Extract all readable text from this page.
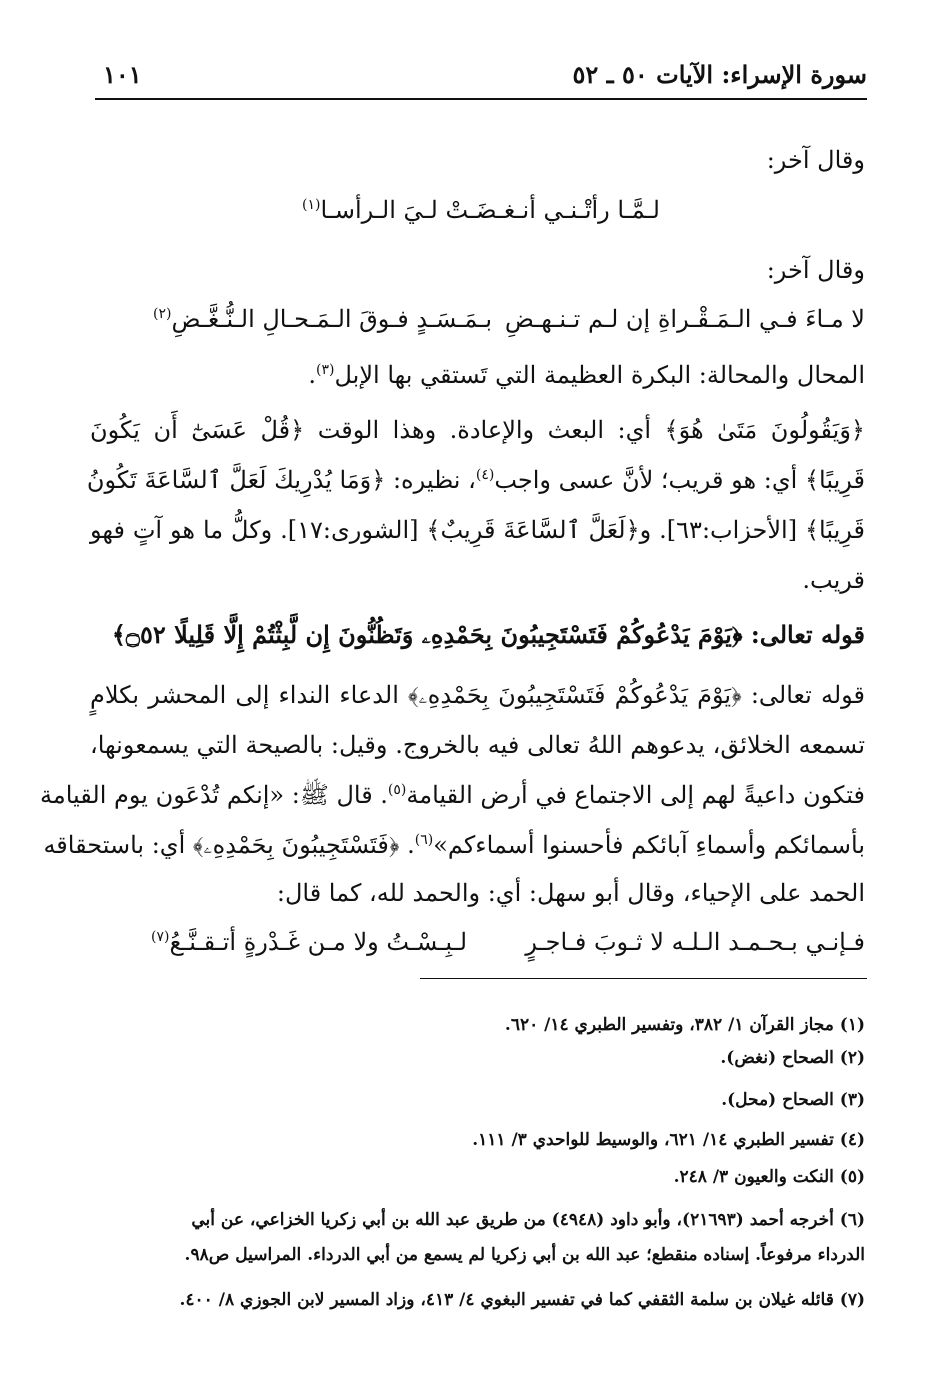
سورة الإسراء: الآيات ٥٠ ـ ٥٢
١٠١
وقال آخر:
لـمَّـا رأتْـنـي أنـغـضَـتْ لـيَ الـرأسـا$^{(١)}$
وقال آخر:
لا مـاءَ فـي الـمَـقْـراةِ إن لـم تـنـهـضِ
بـمَـسَـدٍ فـوقَ الـمَـحـالِ الـنُّـغَّـضِ$^{(٢)}$
المحال والمحالة: البكرة العظيمة التي تَستقي بها الإبل$^{(٣)}$.
﴿وَيَقُولُونَ مَتَىٰ هُوَ﴾ أي: البعث والإعادة. وهذا الوقت ﴿قُلْ عَسَىٰٓ أَن يَكُونَ
قَرِيبًا﴾ أي: هو قريب؛ لأنَّ عسى واجب$^{(٤)}$، نظيره: ﴿وَمَا يُدْرِيكَ لَعَلَّ ٱلسَّاعَةَ تَكُونُ
قَرِيبًا﴾ [الأحزاب:٦٣]. و﴿لَعَلَّ ٱلسَّاعَةَ قَرِيبٌ﴾ [الشورى:١٧]. وكلُّ ما هو آتٍ فهو
قريب.
قوله تعالى: ﴿يَوْمَ يَدْعُوكُمْ فَتَسْتَجِيبُونَ بِحَمْدِهِۦ وَتَظُنُّونَ إِن لَّبِثْتُمْ إِلَّا قَلِيلًا ۝٥٢﴾
قوله تعالى: ﴿يَوْمَ يَدْعُوكُمْ فَتَسْتَجِيبُونَ بِحَمْدِهِۦ﴾ الدعاء النداء إلى المحشر بكلامٍ
تسمعه الخلائق، يدعوهم اللهُ تعالى فيه بالخروج. وقيل: بالصيحة التي يسمعونها،
فتكون داعيةً لهم إلى الاجتماع في أرض القيامة$^{(٥)}$. قال ﷺ: «إنكم تُدْعَون يوم القيامة
بأسمائكم وأسماءِ آبائكم فأحسنوا أسماءكم»$^{(٦)}$. ﴿فَتَسْتَجِيبُونَ بِحَمْدِهِۦ﴾ أي: باستحقاقه
الحمد على الإحياء، وقال أبو سهل: أي: والحمد لله، كما قال:
فـإنـي بـحـمـد الـلـه لا ثـوبَ فـاجـرٍ
لـبِـسْـتُ ولا مـن غَـدْرةٍ أتـقـنَّـعُ$^{(٧)}$
(١) مجاز القرآن ١/ ٣٨٢، وتفسير الطبري ١٤/ ٦٢٠.
(٢) الصحاح (نغض).
(٣) الصحاح (محل).
(٤) تفسير الطبري ١٤/ ٦٢١، والوسيط للواحدي ٣/ ١١١.
(٥) النكت والعيون ٣/ ٢٤٨.
(٦) أخرجه أحمد (٢١٦٩٣)، وأبو داود (٤٩٤٨) من طريق عبد الله بن أبي زكريا الخزاعي، عن أبي
الدرداء مرفوعاً. إسناده منقطع؛ عبد الله بن أبي زكريا لم يسمع من أبي الدرداء. المراسيل ص٩٨.
(٧) قائله غيلان بن سلمة الثقفي كما في تفسير البغوي ٤/ ٤١٣، وزاد المسير لابن الجوزي ٨/ ٤٠٠.
